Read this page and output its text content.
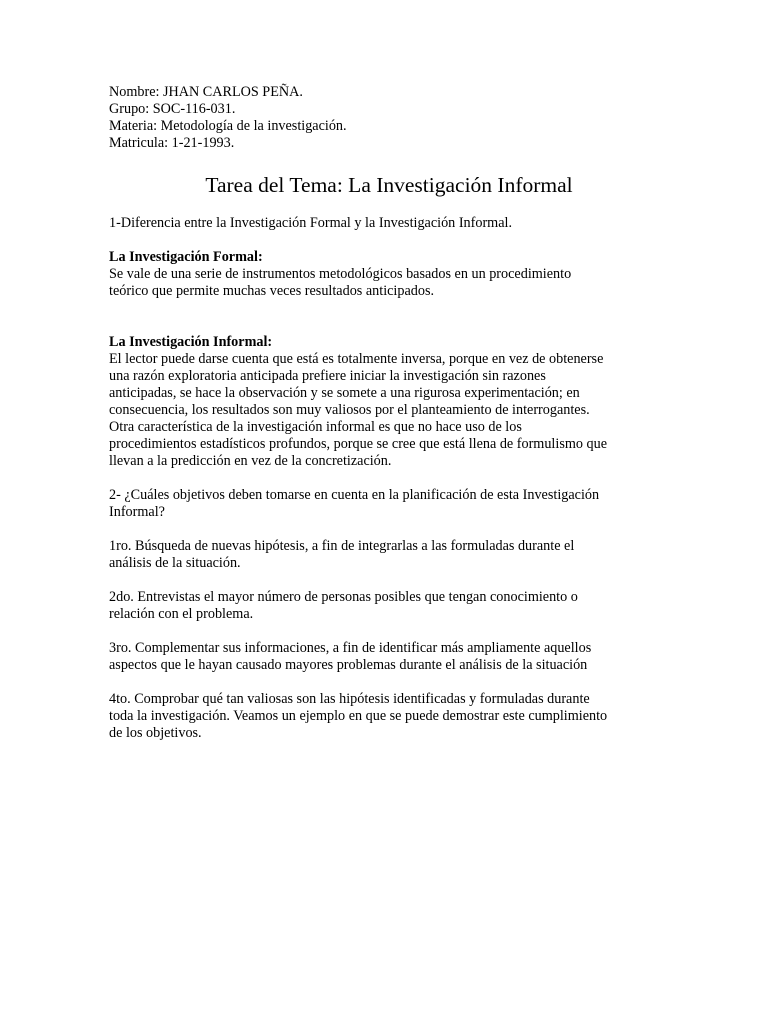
Nombre: JHAN CARLOS PEÑA.
Grupo: SOC-116-031.
Materia: Metodología de la investigación.
Matricula: 1-21-1993.
Tarea del Tema: La Investigación Informal
1-Diferencia entre la Investigación Formal y la Investigación Informal.
La Investigación Formal:
Se vale de una serie de instrumentos metodológicos basados en un procedimiento
teórico que permite muchas veces resultados anticipados.
La Investigación Informal:
El lector puede darse cuenta que está es totalmente inversa, porque en vez de obtenerse
una razón exploratoria anticipada prefiere iniciar la investigación sin razones
anticipadas, se hace la observación y se somete a una rigurosa experimentación; en
consecuencia, los resultados son muy valiosos por el planteamiento de interrogantes.
Otra característica de la investigación informal es que no hace uso de los
procedimientos estadísticos profundos, porque se cree que está llena de formulismo que
llevan a la predicción en vez de la concretización.
2- ¿Cuáles objetivos deben tomarse en cuenta en la planificación de esta Investigación
Informal?
1ro. Búsqueda de nuevas hipótesis, a fin de integrarlas a las formuladas durante el
análisis de la situación.
2do. Entrevistas el mayor número de personas posibles que tengan conocimiento o
relación con el problema.
3ro. Complementar sus informaciones, a fin de identificar más ampliamente aquellos
aspectos que le hayan causado mayores problemas durante el análisis de la situación
4to. Comprobar qué tan valiosas son las hipótesis identificadas y formuladas durante
toda la investigación. Veamos un ejemplo en que se puede demostrar este cumplimiento
de los objetivos.
